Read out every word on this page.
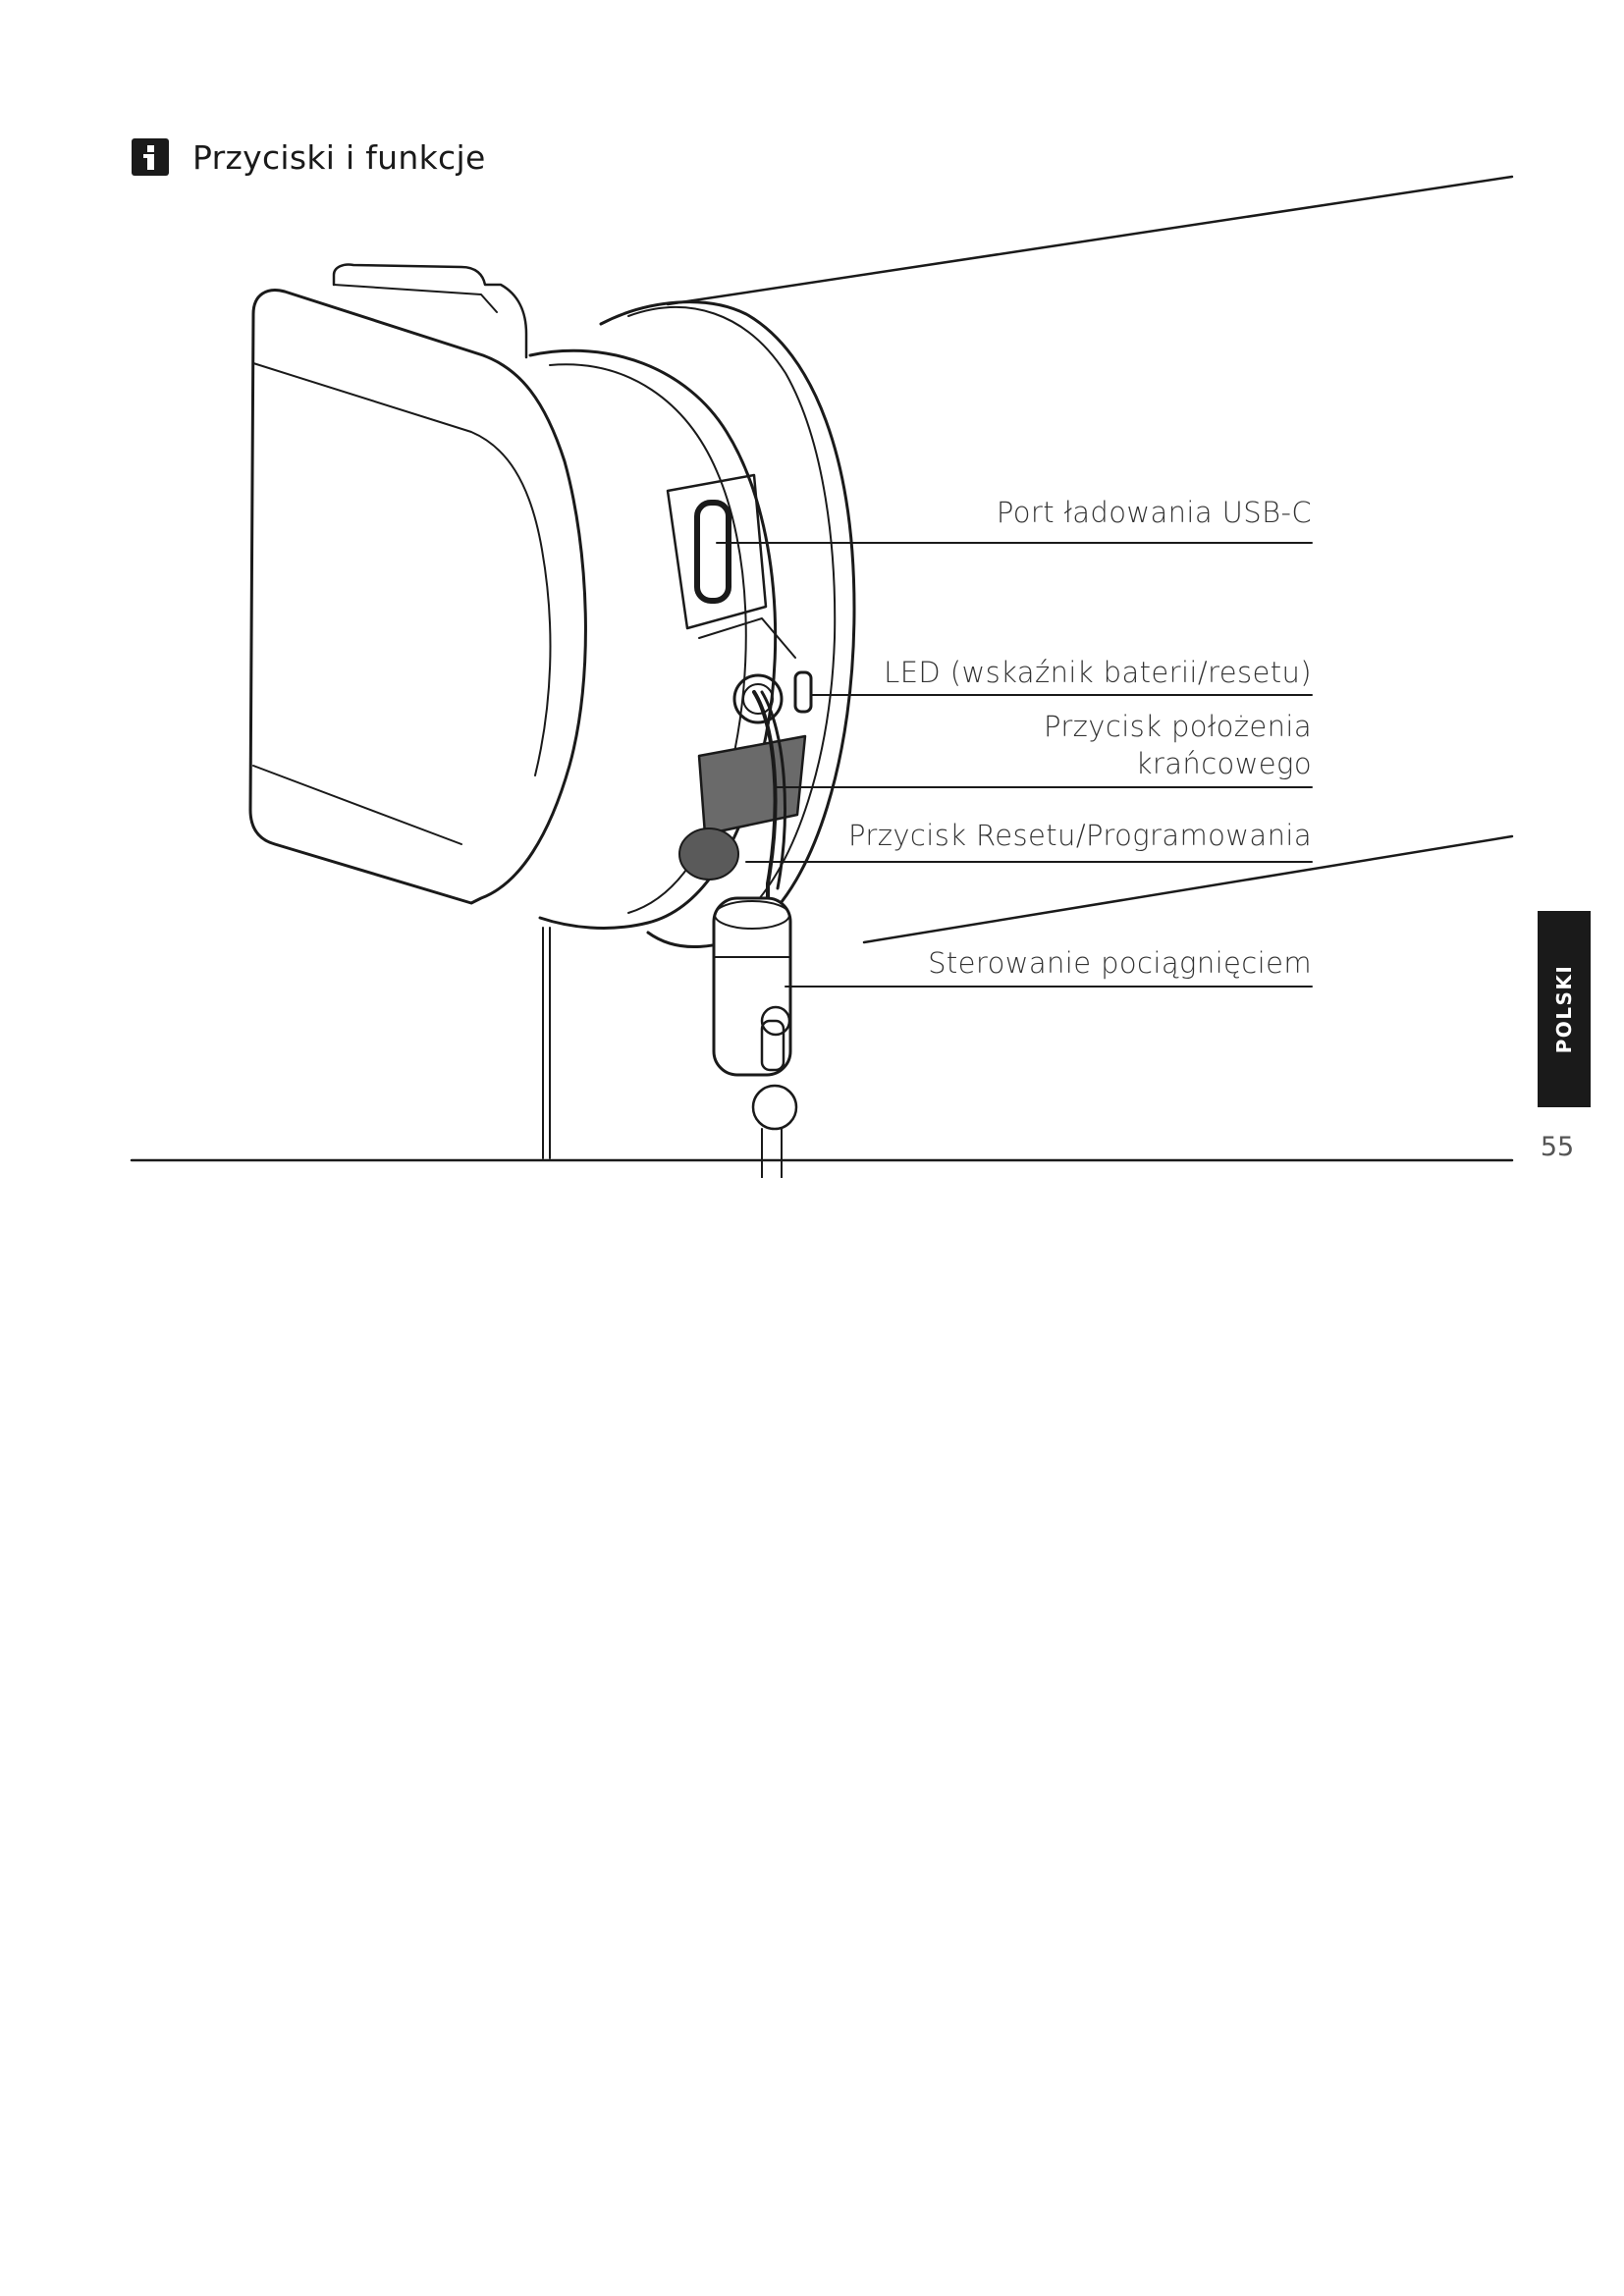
Przyciski i funkcje
Port ładowania USB-C
LED (wskaźnik baterii/resetu)
Przycisk położenia
krańcowego
Przycisk Resetu/Programowania
Sterowanie pociągnięciem
POLSKI
55
